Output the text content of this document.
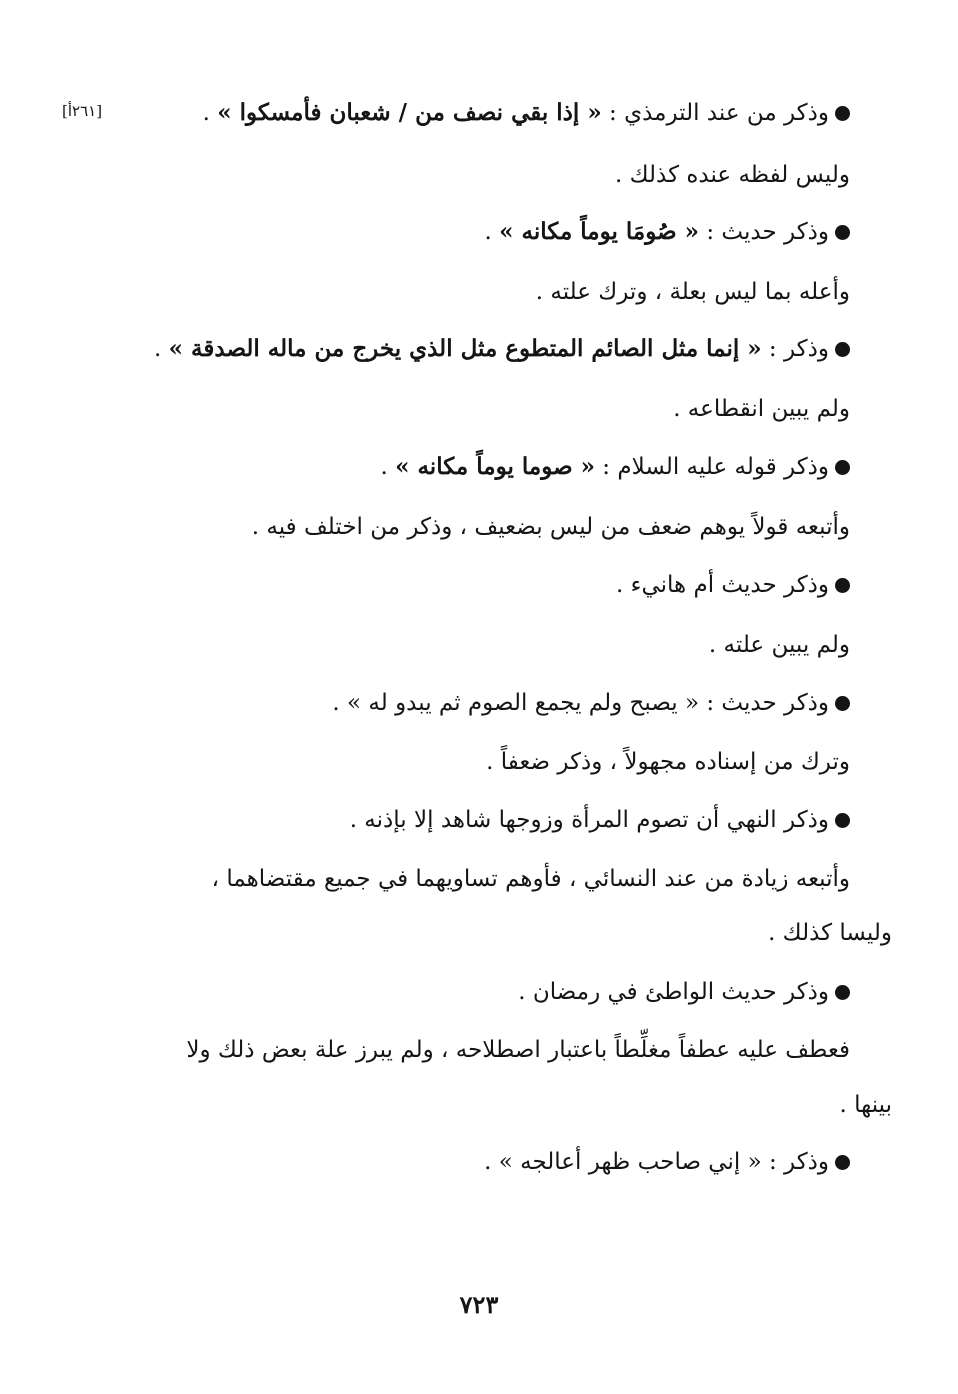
[٢٦١أ]	وذكر من عند الترمذي : « إذا بقي نصف من / شعبان فأمسكوا » .
وليس لفظه عنده كذلك .
وذكر حديث : « صُومَا يوماً مكانه » .
وأعله بما ليس بعلة ، وترك علته .
وذكر : « إنما مثل الصائم المتطوع مثل الذي يخرج من ماله الصدقة » .
ولم يبين انقطاعه .
وذكر قوله عليه السلام : « صوما يوماً مكانه » .
وأتبعه قولاً يوهم ضعف من ليس بضعيف ، وذكر من اختلف فيه .
وذكر حديث أم هانيء .
ولم يبين علته .
وذكر حديث : « يصبح ولم يجمع الصوم ثم يبدو له » .
وترك من إسناده مجهولاً ، وذكر ضعفاً .
وذكر النهي أن تصوم المرأة وزوجها شاهد إلا بإذنه .
وأتبعه زيادة من عند النسائي ، فأوهم تساويهما في جميع مقتضاهما ،
وليسا كذلك .
وذكر حديث الواطئ في رمضان .
فعطف عليه عطفاً مغلِّطاً باعتبار اصطلاحه ، ولم يبرز علة بعض ذلك ولا
بينها .
وذكر : « إني صاحب ظهر أعالجه » .
٧٢٣
